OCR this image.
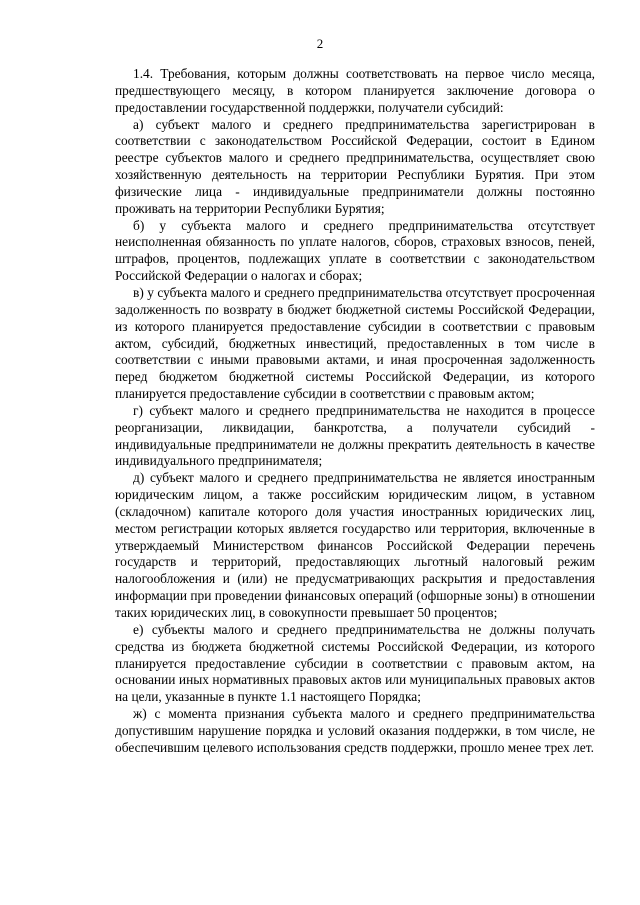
2

1.4. Требования, которым должны соответствовать на первое число месяца, предшествующего месяцу, в котором планируется заключение договора о предоставлении государственной поддержки, получатели субсидий:

а) субъект малого и среднего предпринимательства зарегистрирован в соответствии с законодательством Российской Федерации, состоит в Едином реестре субъектов малого и среднего предпринимательства, осуществляет свою хозяйственную деятельность на территории Республики Бурятия. При этом физические лица - индивидуальные предприниматели должны постоянно проживать на территории Республики Бурятия;

б) у субъекта малого и среднего предпринимательства отсутствует неисполненная обязанность по уплате налогов, сборов, страховых взносов, пеней, штрафов, процентов, подлежащих уплате в соответствии с законодательством Российской Федерации о налогах и сборах;

в) у субъекта малого и среднего предпринимательства отсутствует просроченная задолженность по возврату в бюджет бюджетной системы Российской Федерации, из которого планируется предоставление субсидии в соответствии с правовым актом, субсидий, бюджетных инвестиций, предоставленных в том числе в соответствии с иными правовыми актами, и иная просроченная задолженность перед бюджетом бюджетной системы Российской Федерации, из которого планируется предоставление субсидии в соответствии с правовым актом;

г) субъект малого и среднего предпринимательства не находится в процессе реорганизации, ликвидации, банкротства, а получатели субсидий - индивидуальные предприниматели не должны прекратить деятельность в качестве индивидуального предпринимателя;

д) субъект малого и среднего предпринимательства не является иностранным юридическим лицом, а также российским юридическим лицом, в уставном (складочном) капитале которого доля участия иностранных юридических лиц, местом регистрации которых является государство или территория, включенные в утверждаемый Министерством финансов Российской Федерации перечень государств и территорий, предоставляющих льготный налоговый режим налогообложения и (или) не предусматривающих раскрытия и предоставления информации при проведении финансовых операций (офшорные зоны) в отношении таких юридических лиц, в совокупности превышает 50 процентов;

е) субъекты малого и среднего предпринимательства не должны получать средства из бюджета бюджетной системы Российской Федерации, из которого планируется предоставление субсидии в соответствии с правовым актом, на основании иных нормативных правовых актов или муниципальных правовых актов на цели, указанные в пункте 1.1 настоящего Порядка;

ж) с момента признания субъекта малого и среднего предпринимательства допустившим нарушение порядка и условий оказания поддержки, в том числе, не обеспечившим целевого использования средств поддержки, прошло менее трех лет.
